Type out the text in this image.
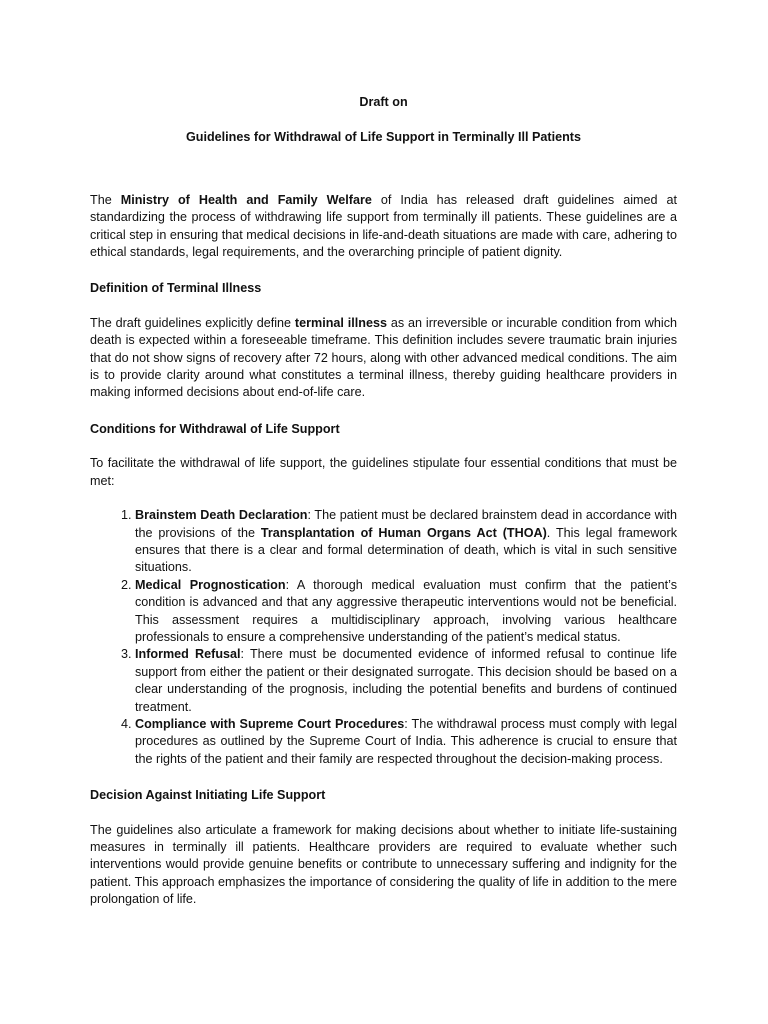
Draft on

Guidelines for Withdrawal of Life Support in Terminally Ill Patients

The Ministry of Health and Family Welfare of India has released draft guidelines aimed at standardizing the process of withdrawing life support from terminally ill patients. These guidelines are a critical step in ensuring that medical decisions in life-and-death situations are made with care, adhering to ethical standards, legal requirements, and the overarching principle of patient dignity.

Definition of Terminal Illness

The draft guidelines explicitly define terminal illness as an irreversible or incurable condition from which death is expected within a foreseeable timeframe. This definition includes severe traumatic brain injuries that do not show signs of recovery after 72 hours, along with other advanced medical conditions. The aim is to provide clarity around what constitutes a terminal illness, thereby guiding healthcare providers in making informed decisions about end-of-life care.

Conditions for Withdrawal of Life Support

To facilitate the withdrawal of life support, the guidelines stipulate four essential conditions that must be met:

1. Brainstem Death Declaration: The patient must be declared brainstem dead in accordance with the provisions of the Transplantation of Human Organs Act (THOA). This legal framework ensures that there is a clear and formal determination of death, which is vital in such sensitive situations.
2. Medical Prognostication: A thorough medical evaluation must confirm that the patient’s condition is advanced and that any aggressive therapeutic interventions would not be beneficial. This assessment requires a multidisciplinary approach, involving various healthcare professionals to ensure a comprehensive understanding of the patient’s medical status.
3. Informed Refusal: There must be documented evidence of informed refusal to continue life support from either the patient or their designated surrogate. This decision should be based on a clear understanding of the prognosis, including the potential benefits and burdens of continued treatment.
4. Compliance with Supreme Court Procedures: The withdrawal process must comply with legal procedures as outlined by the Supreme Court of India. This adherence is crucial to ensure that the rights of the patient and their family are respected throughout the decision-making process.
Decision Against Initiating Life Support

The guidelines also articulate a framework for making decisions about whether to initiate life-sustaining measures in terminally ill patients. Healthcare providers are required to evaluate whether such interventions would provide genuine benefits or contribute to unnecessary suffering and indignity for the patient. This approach emphasizes the importance of considering the quality of life in addition to the mere prolongation of life.
